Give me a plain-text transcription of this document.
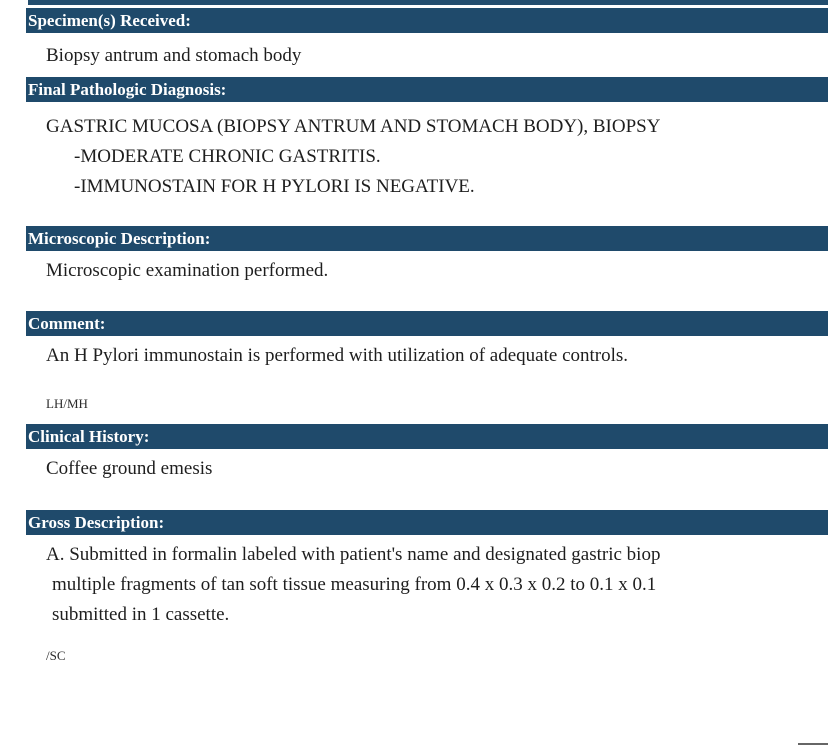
Specimen(s) Received:
Biopsy antrum and stomach body
Final Pathologic Diagnosis:
GASTRIC MUCOSA (BIOPSY ANTRUM AND STOMACH BODY), BIOPSY
-MODERATE CHRONIC GASTRITIS.
-IMMUNOSTAIN FOR H PYLORI IS NEGATIVE.
Microscopic Description:
Microscopic examination performed.
Comment:
An H Pylori immunostain is performed with utilization of adequate controls.
LH/MH
Clinical History:
Coffee ground emesis
Gross Description:
A. Submitted in formalin labeled with patient's name and designated gastric biop
multiple fragments of tan soft tissue measuring from 0.4 x 0.3 x 0.2 to 0.1 x 0.1
submitted in 1 cassette.
/SC
